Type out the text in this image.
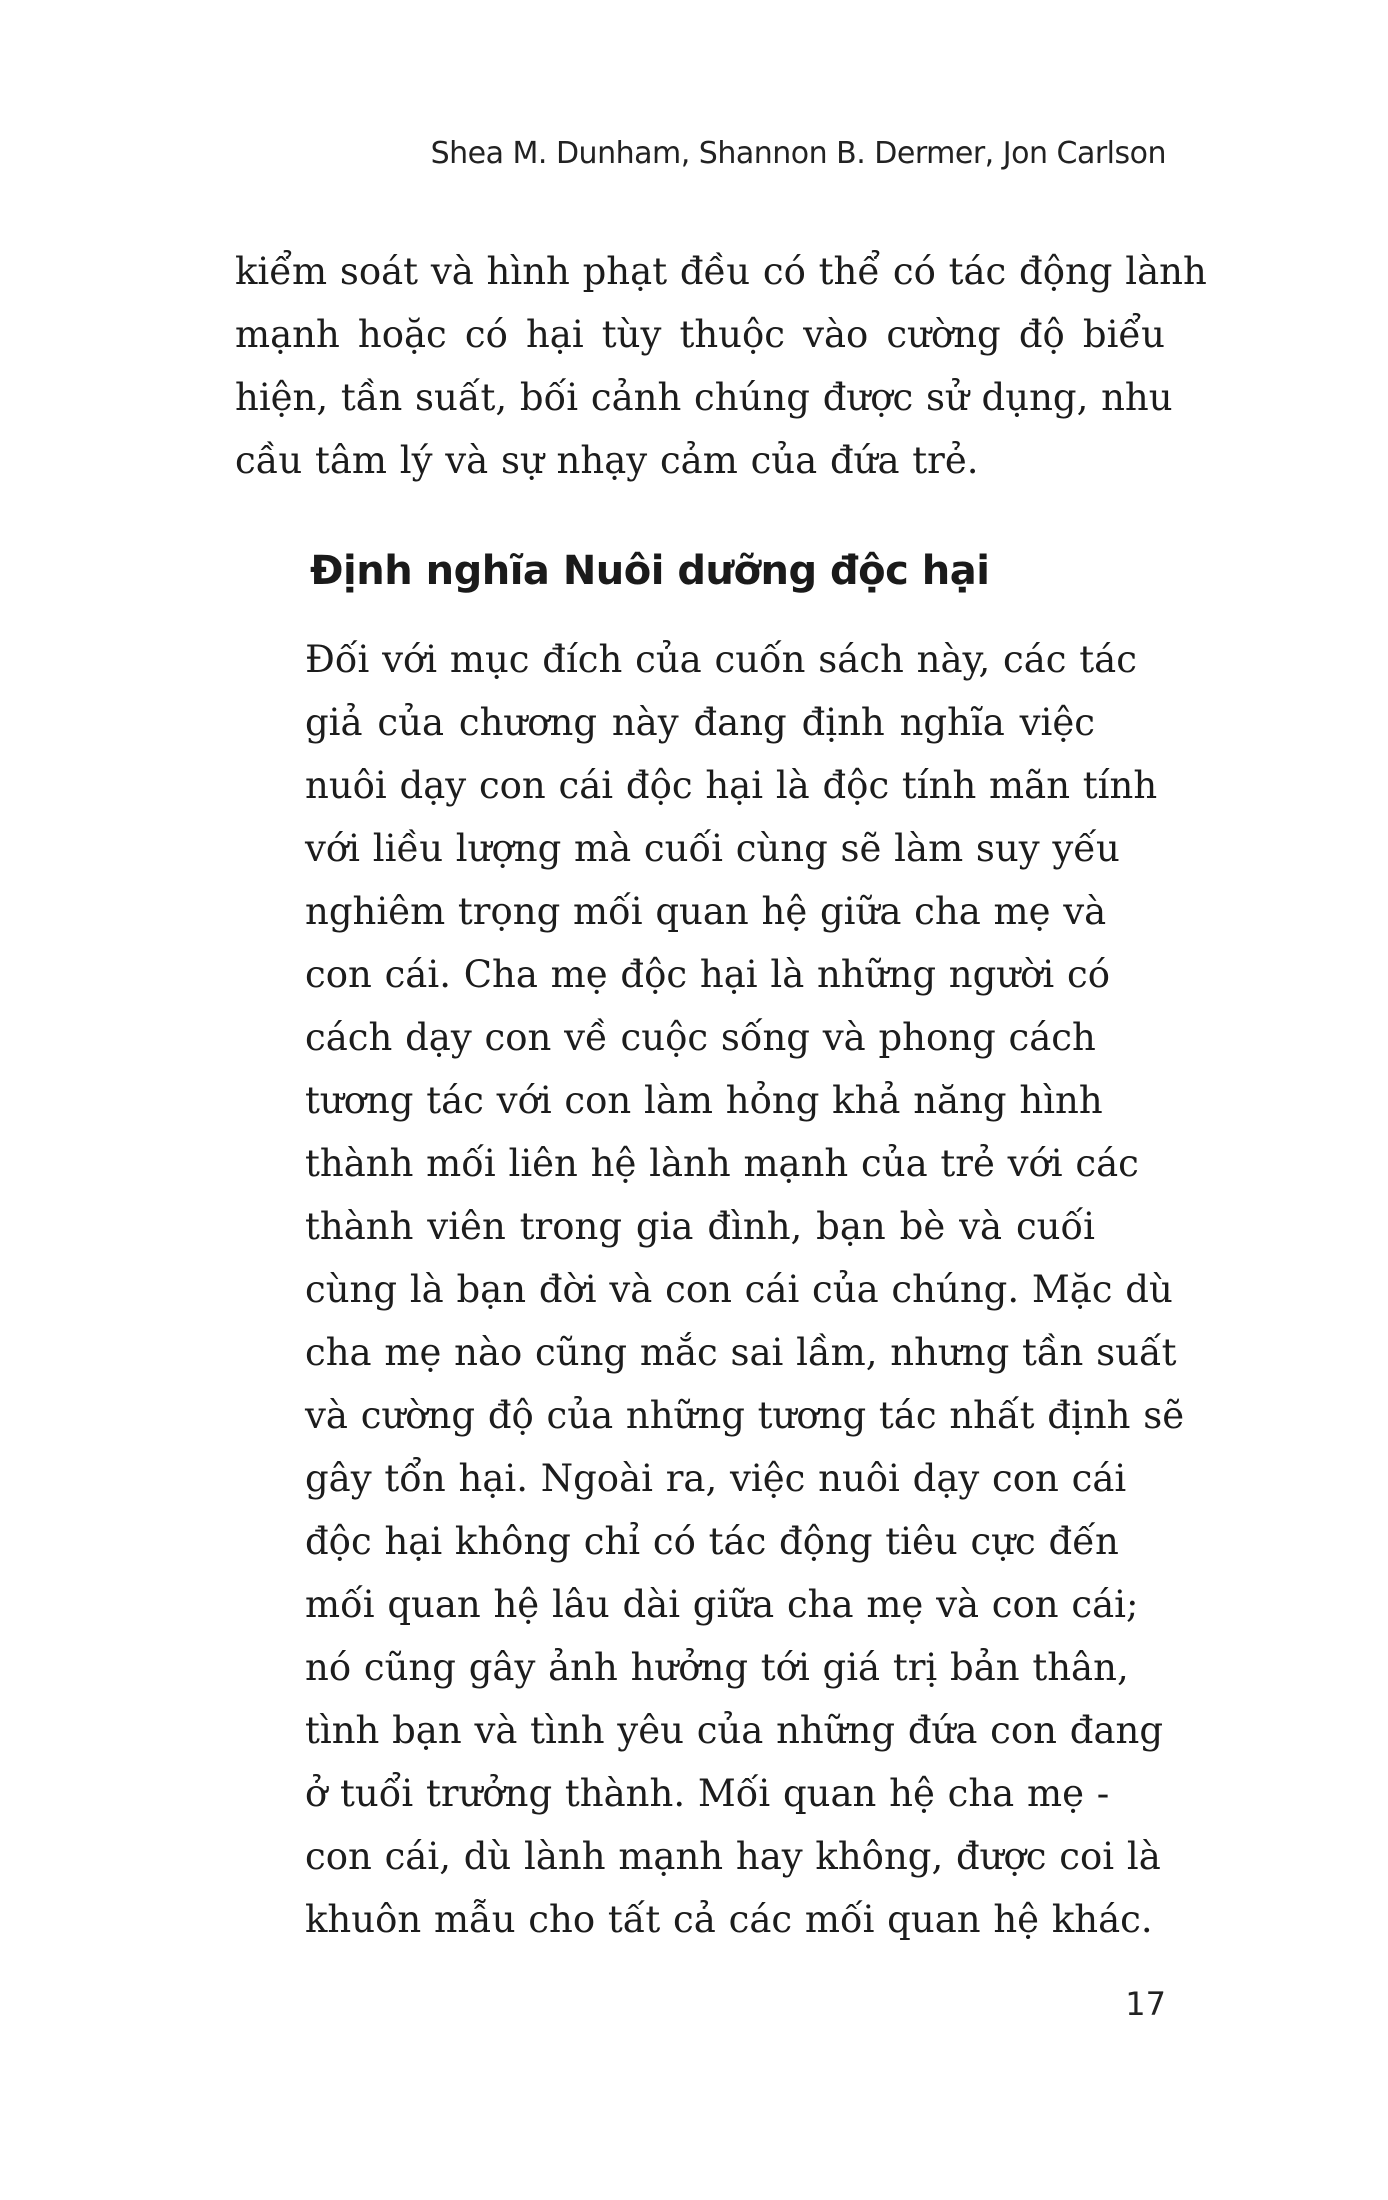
Shea M. Dunham, Shannon B. Dermer, Jon Carlson
kiểm soát và hình phạt đều có thể có tác động lành
mạnh hoặc có hại tùy thuộc vào cường độ biểu
hiện, tần suất, bối cảnh chúng được sử dụng, nhu
cầu tâm lý và sự nhạy cảm của đứa trẻ.
Định nghĩa Nuôi dưỡng độc hại
Đối với mục đích của cuốn sách này, các tác
giả của chương này đang định nghĩa việc
nuôi dạy con cái độc hại là độc tính mãn tính
với liều lượng mà cuối cùng sẽ làm suy yếu
nghiêm trọng mối quan hệ giữa cha mẹ và
con cái. Cha mẹ độc hại là những người có
cách dạy con về cuộc sống và phong cách
tương tác với con làm hỏng khả năng hình
thành mối liên hệ lành mạnh của trẻ với các
thành viên trong gia đình, bạn bè và cuối
cùng là bạn đời và con cái của chúng. Mặc dù
cha mẹ nào cũng mắc sai lầm, nhưng tần suất
và cường độ của những tương tác nhất định sẽ
gây tổn hại. Ngoài ra, việc nuôi dạy con cái
độc hại không chỉ có tác động tiêu cực đến
mối quan hệ lâu dài giữa cha mẹ và con cái;
nó cũng gây ảnh hưởng tới giá trị bản thân,
tình bạn và tình yêu của những đứa con đang
ở tuổi trưởng thành. Mối quan hệ cha mẹ -
con cái, dù lành mạnh hay không, được coi là
khuôn mẫu cho tất cả các mối quan hệ khác.
17
